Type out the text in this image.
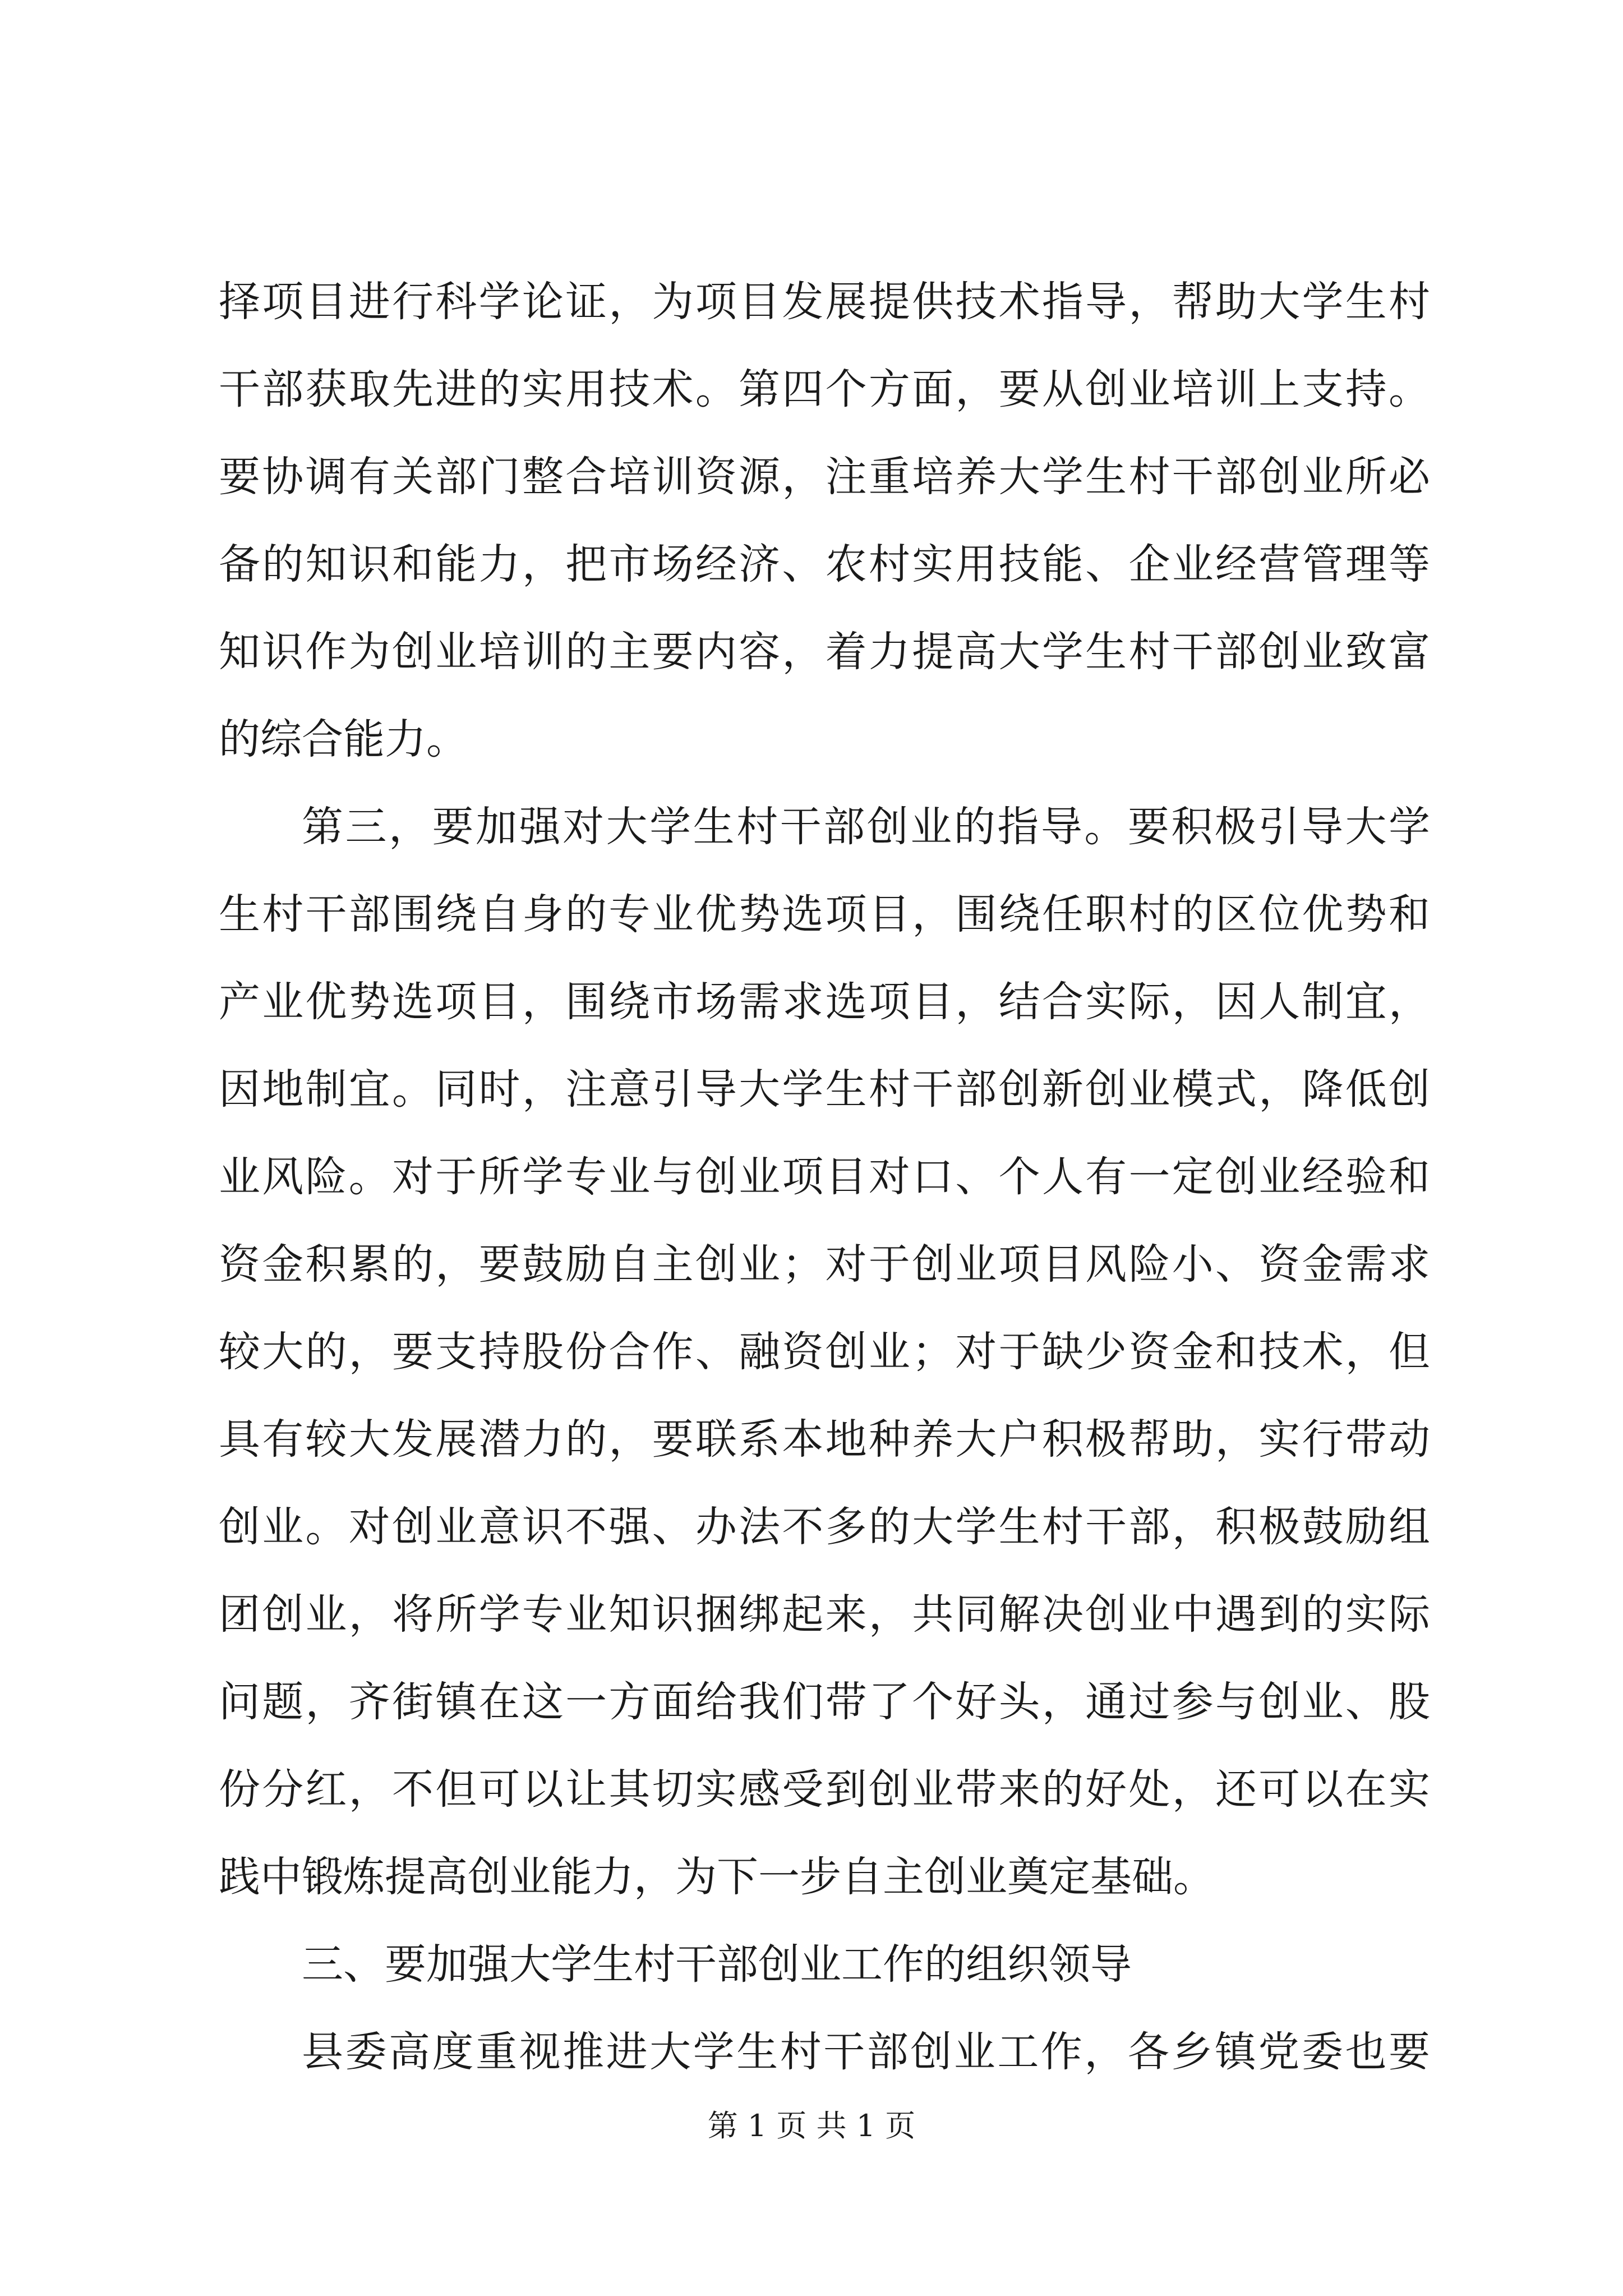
择项目进行科学论证，为项目发展提供技术指导，帮助大学生村
干部获取先进的实用技术。第四个方面，要从创业培训上支持。
要协调有关部门整合培训资源，注重培养大学生村干部创业所必
备的知识和能力，把市场经济、农村实用技能、企业经营管理等
知识作为创业培训的主要内容，着力提高大学生村干部创业致富
的综合能力。
第三，要加强对大学生村干部创业的指导。要积极引导大学
生村干部围绕自身的专业优势选项目，围绕任职村的区位优势和
产业优势选项目，围绕市场需求选项目，结合实际，因人制宜，
因地制宜。同时，注意引导大学生村干部创新创业模式，降低创
业风险。对于所学专业与创业项目对口、个人有一定创业经验和
资金积累的，要鼓励自主创业；对于创业项目风险小、资金需求
较大的，要支持股份合作、融资创业；对于缺少资金和技术，但
具有较大发展潜力的，要联系本地种养大户积极帮助，实行带动
创业。对创业意识不强、办法不多的大学生村干部，积极鼓励组
团创业，将所学专业知识捆绑起来，共同解决创业中遇到的实际
问题，齐街镇在这一方面给我们带了个好头，通过参与创业、股
份分红，不但可以让其切实感受到创业带来的好处，还可以在实
践中锻炼提高创业能力，为下一步自主创业奠定基础。
三、要加强大学生村干部创业工作的组织领导
县委高度重视推进大学生村干部创业工作，各乡镇党委也要
第 1 页 共 1 页
